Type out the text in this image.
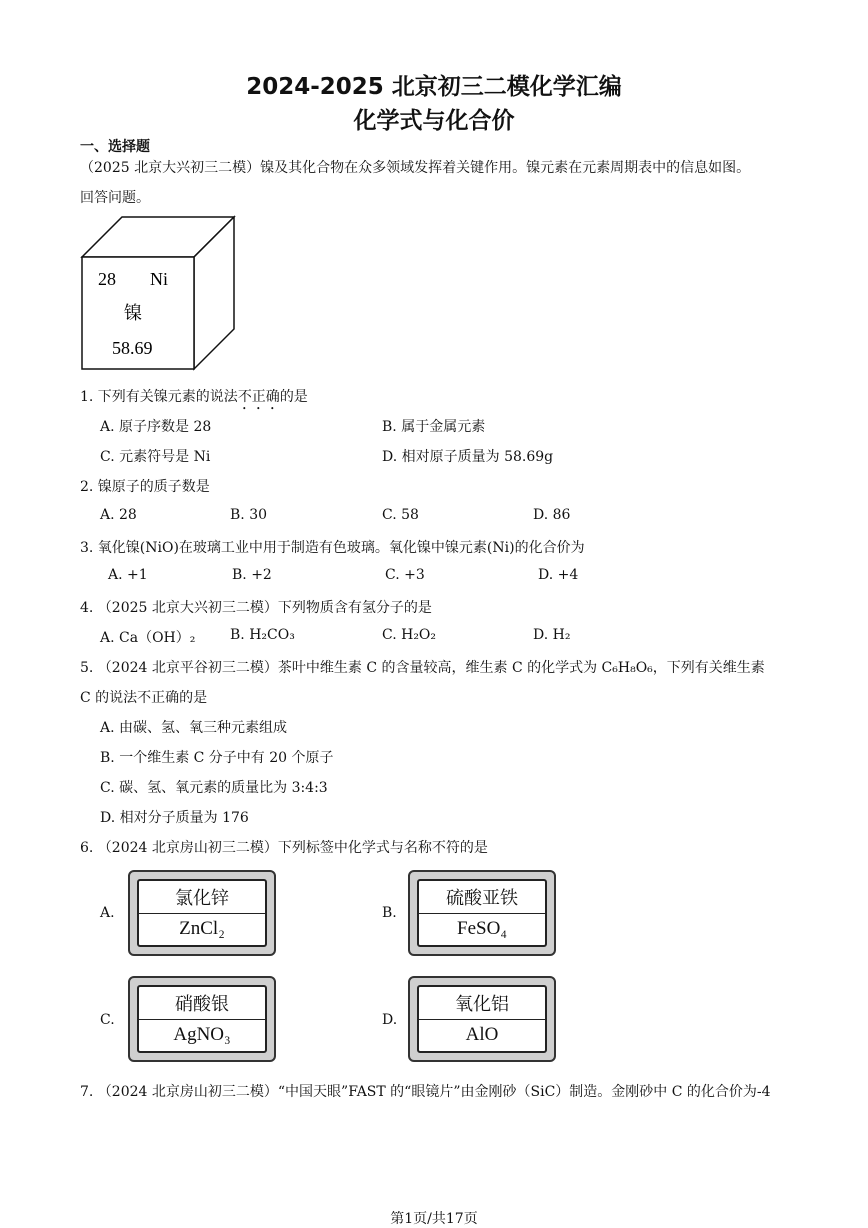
2024-2025 北京初三二模化学汇编
化学式与化合价
一、选择题
（2025 北京大兴初三二模）镍及其化合物在众多领域发挥着关键作用。镍元素在元素周期表中的信息如图。
回答问题。
28 Ni
镍
58.69
1. 下列有关镍元素的说法不正确的是
A. 原子序数是 28	B. 属于金属元素
C. 元素符号是 Ni	D. 相对原子质量为 58.69g
2. 镍原子的质子数是
A. 28	B. 30	C. 58	D. 86
3. 氧化镍(NiO)在玻璃工业中用于制造有色玻璃。氧化镍中镍元素(Ni)的化合价为
A. +1	B. +2	C. +3	D. +4
4. （2025 北京大兴初三二模）下列物质含有氢分子的是
A. Ca（OH）₂ B. H₂CO₃	C. H₂O₂	D. H₂
5. （2024 北京平谷初三二模）茶叶中维生素 C 的含量较高，维生素 C 的化学式为 C₆H₈O₆，下列有关维生素
C 的说法不正确的是
A. 由碳、氢、氧三种元素组成
B. 一个维生素 C 分子中有 20 个原子
C. 碳、氢、氧元素的质量比为 3:4:3
D. 相对分子质量为 176
6. （2024 北京房山初三二模）下列标签中化学式与名称不符的是
A.
氯化锌
ZnCl₂
B.
硫酸亚铁
FeSO₄
C.
硝酸银
AgNO₃
D.
氧化铝
AlO
7. （2024 北京房山初三二模）“中国天眼”FAST 的“眼镜片”由金刚砂（SiC）制造。金刚砂中 C 的化合价为-4
第1页/共17页
